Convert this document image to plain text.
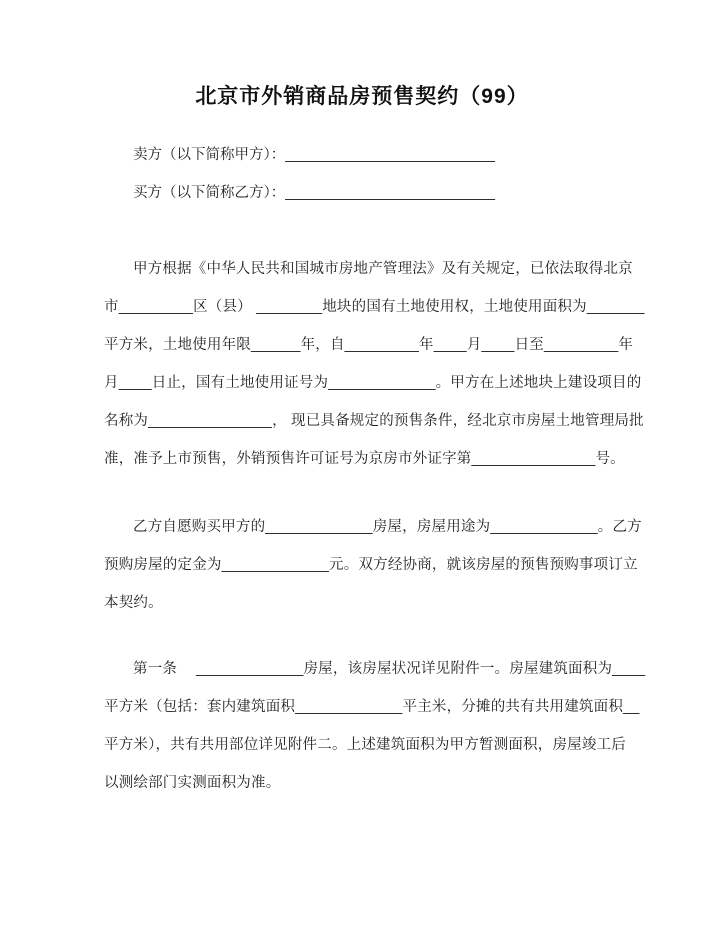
北京市外销商品房预售契约（99）
卖方（以下简称甲方）：__________________________
买方（以下简称乙方）：__________________________
甲方根据《中华人民共和国城市房地产管理法》及有关规定，已依法取得北京
市_________区（县） ________地块的国有土地使用权，土地使用面积为_______
平方米，土地使用年限______年，自_________年____月____日至_________年
月____日止，国有土地使用证号为_____________。甲方在上述地块上建设项目的
名称为_______________， 现已具备规定的预售条件，经北京市房屋土地管理局批
准，准予上市预售，外销预售许可证号为京房市外证字第_______________号。
乙方自愿购买甲方的_____________房屋，房屋用途为_____________。乙方
预购房屋的定金为_____________元。双方经协商，就该房屋的预售预购事项订立
本契约。
第一条　 _____________房屋，该房屋状况详见附件一。房屋建筑面积为____
平方米（包括：套内建筑面积_____________平主米，分摊的共有共用建筑面积__
平方米），共有共用部位详见附件二。上述建筑面积为甲方暂测面积，房屋竣工后
以测绘部门实测面积为准。
